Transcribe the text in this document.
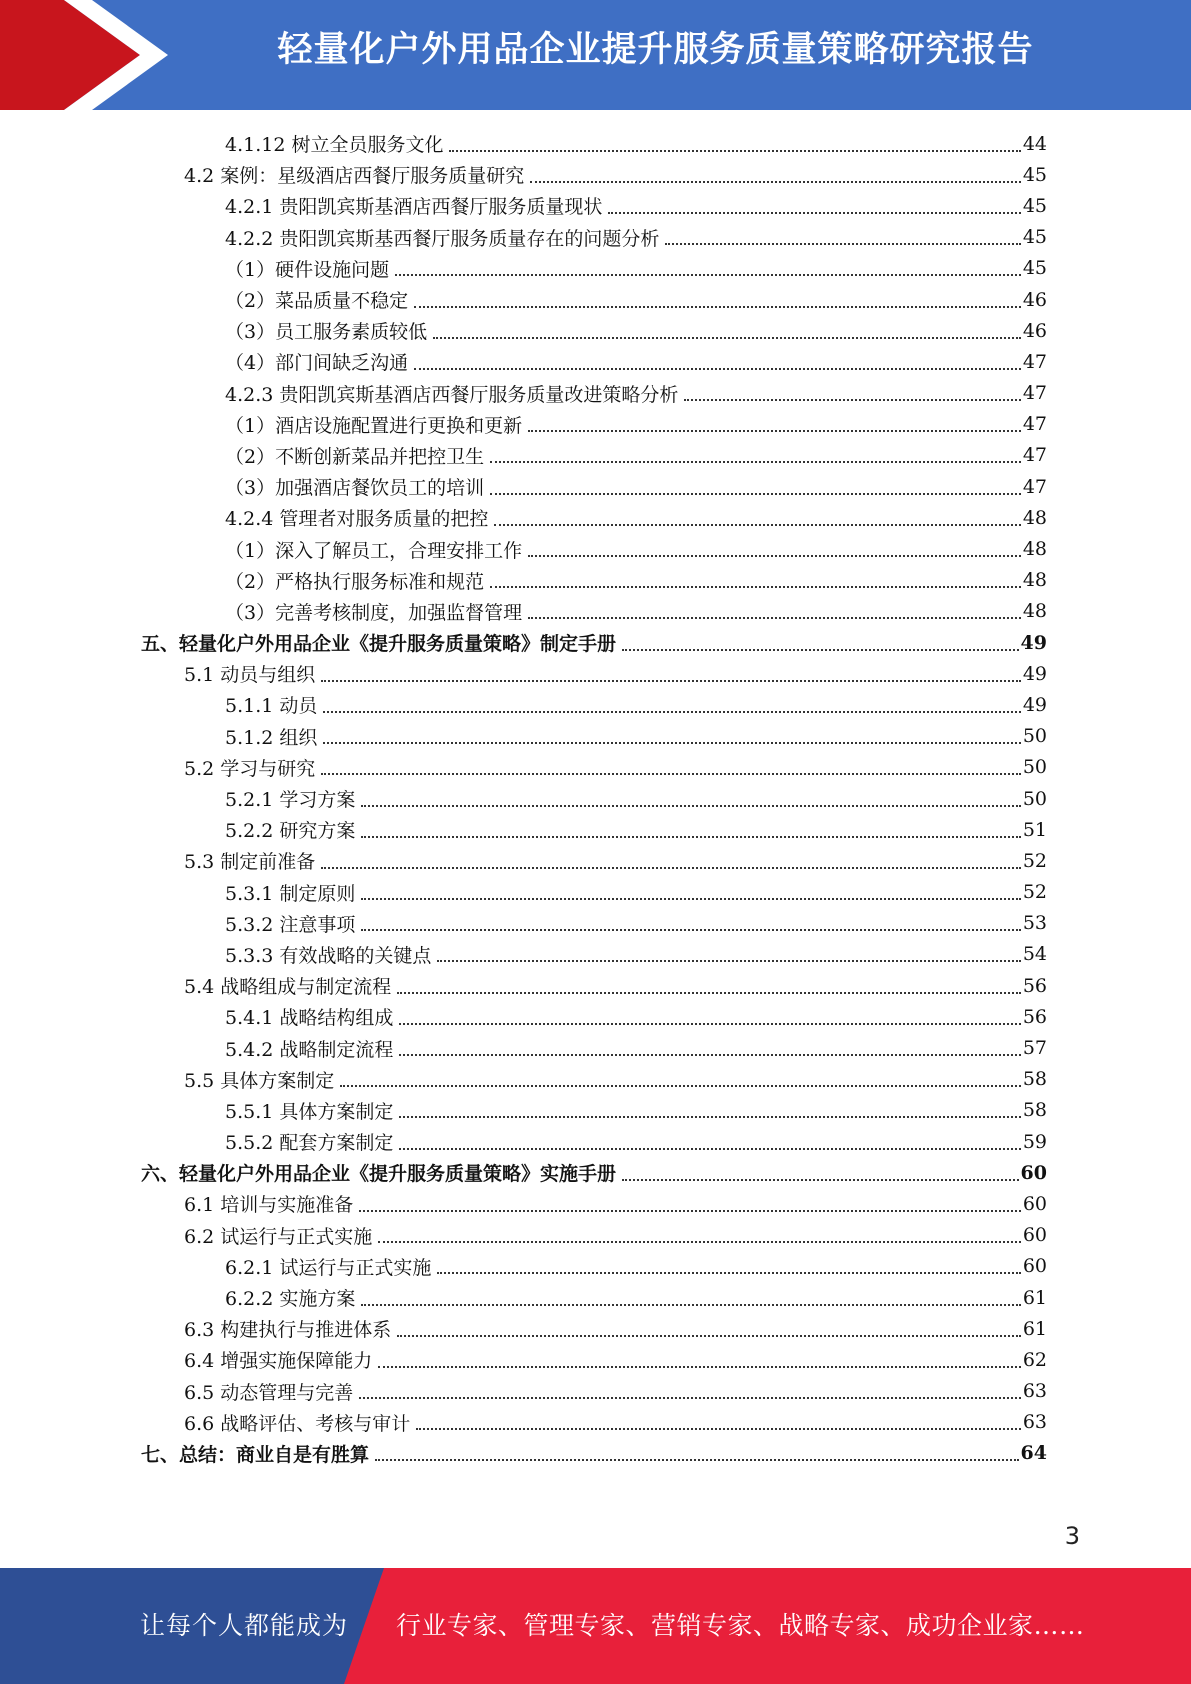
轻量化户外用品企业提升服务质量策略研究报告
4.1.12 树立全员服务文化	44
4.2 案例：星级酒店西餐厅服务质量研究	45
4.2.1 贵阳凯宾斯基酒店西餐厅服务质量现状	45
4.2.2 贵阳凯宾斯基西餐厅服务质量存在的问题分析	45
（1）硬件设施问题	45
（2）菜品质量不稳定	46
（3）员工服务素质较低	46
（4）部门间缺乏沟通	47
4.2.3 贵阳凯宾斯基酒店西餐厅服务质量改进策略分析	47
（1）酒店设施配置进行更换和更新	47
（2）不断创新菜品并把控卫生	47
（3）加强酒店餐饮员工的培训	47
4.2.4 管理者对服务质量的把控	48
（1）深入了解员工，合理安排工作	48
（2）严格执行服务标准和规范	48
（3）完善考核制度，加强监督管理	48
五、轻量化户外用品企业《提升服务质量策略》制定手册	49
5.1 动员与组织	49
5.1.1 动员	49
5.1.2 组织	50
5.2 学习与研究	50
5.2.1 学习方案	50
5.2.2 研究方案	51
5.3 制定前准备	52
5.3.1 制定原则	52
5.3.2 注意事项	53
5.3.3 有效战略的关键点	54
5.4 战略组成与制定流程	56
5.4.1 战略结构组成	56
5.4.2 战略制定流程	57
5.5 具体方案制定	58
5.5.1 具体方案制定	58
5.5.2 配套方案制定	59
六、轻量化户外用品企业《提升服务质量策略》实施手册	60
6.1 培训与实施准备	60
6.2 试运行与正式实施	60
6.2.1 试运行与正式实施	60
6.2.2 实施方案	61
6.3 构建执行与推进体系	61
6.4 增强实施保障能力	62
6.5 动态管理与完善	63
6.6 战略评估、考核与审计	63
七、总结：商业自是有胜算	64
3
让每个人都能成为 行业专家、管理专家、营销专家、战略专家、成功企业家……
